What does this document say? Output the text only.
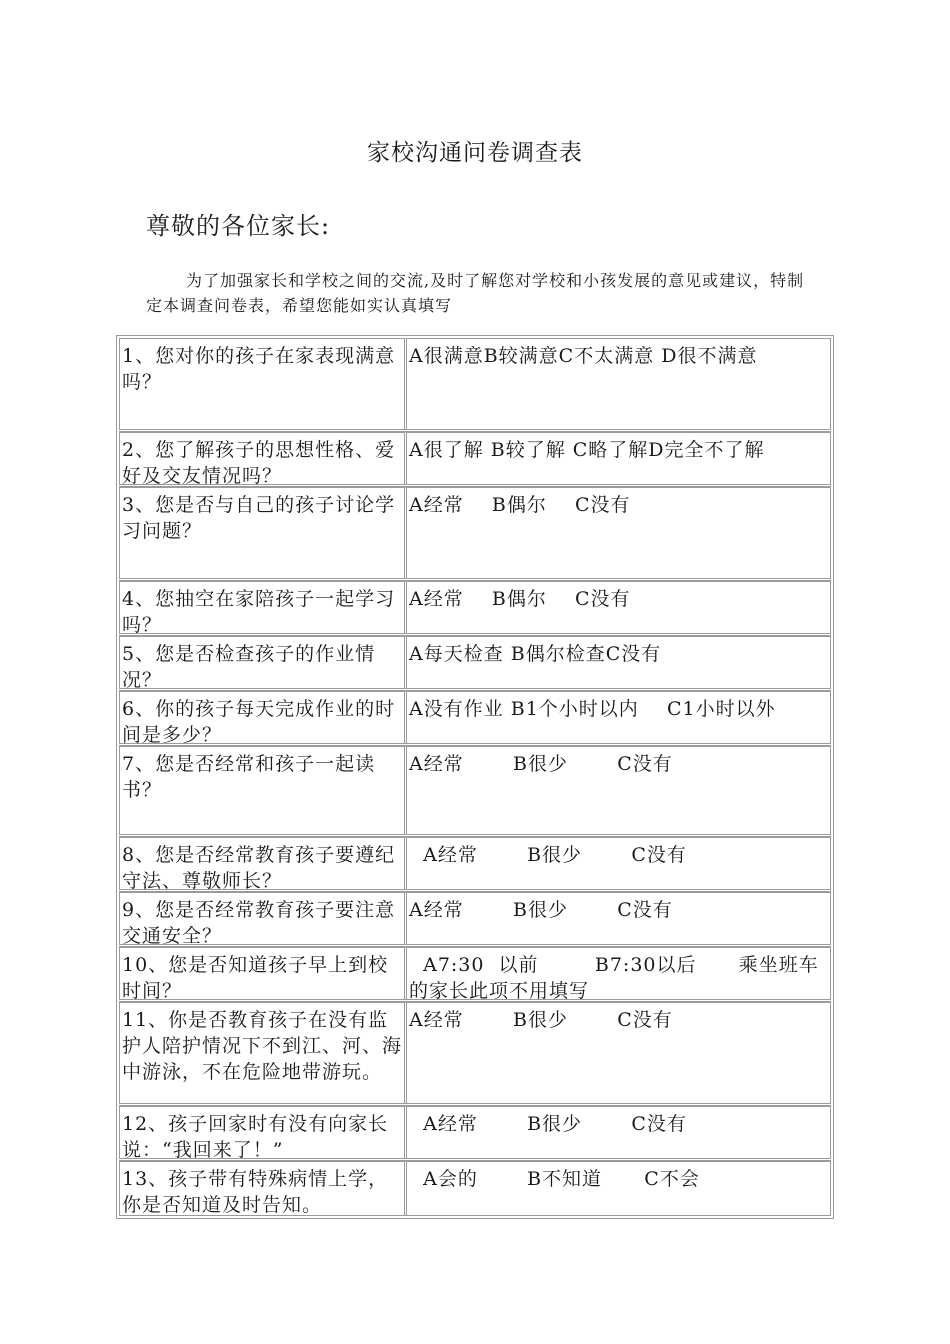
家校沟通问卷调查表
尊敬的各位家长:
为了加强家长和学校之间的交流,及时了解您对学校和小孩发展的意见或建议，特制定本调查问卷表，希望您能如实认真填写
1、您对你的孩子在家表现满意吗？
A很满意B较满意C不太满意 D很不满意
2、您了解孩子的思想性格、爱好及交友情况吗？
A很了解 B较了解 C略了解D完全不了解
3、您是否与自己的孩子讨论学习问题？
A经常    B偶尔    C没有
4、您抽空在家陪孩子一起学习吗？
A经常    B偶尔    C没有
5、您是否检查孩子的作业情况？
A每天检查 B偶尔检查C没有
6、你的孩子每天完成作业的时间是多少？
A没有作业 B1个小时以内    C1小时以外
7、您是否经常和孩子一起读书？
A经常       B很少       C没有
8、您是否经常教育孩子要遵纪守法、尊敬师长？
A经常       B很少       C没有
9、您是否经常教育孩子要注意交通安全？
A经常       B很少       C没有
10、您是否知道孩子早上到校时间？
A7:30  以前        B7:30以后      乘坐班车的家长此项不用填写
11、你是否教育孩子在没有监护人陪护情况下不到江、河、海中游泳，不在危险地带游玩。
A经常       B很少       C没有
12、孩子回家时有没有向家长说：“我回来了！”
A经常       B很少       C没有
13、孩子带有特殊病情上学，你是否知道及时告知。
A会的       B不知道      C不会
